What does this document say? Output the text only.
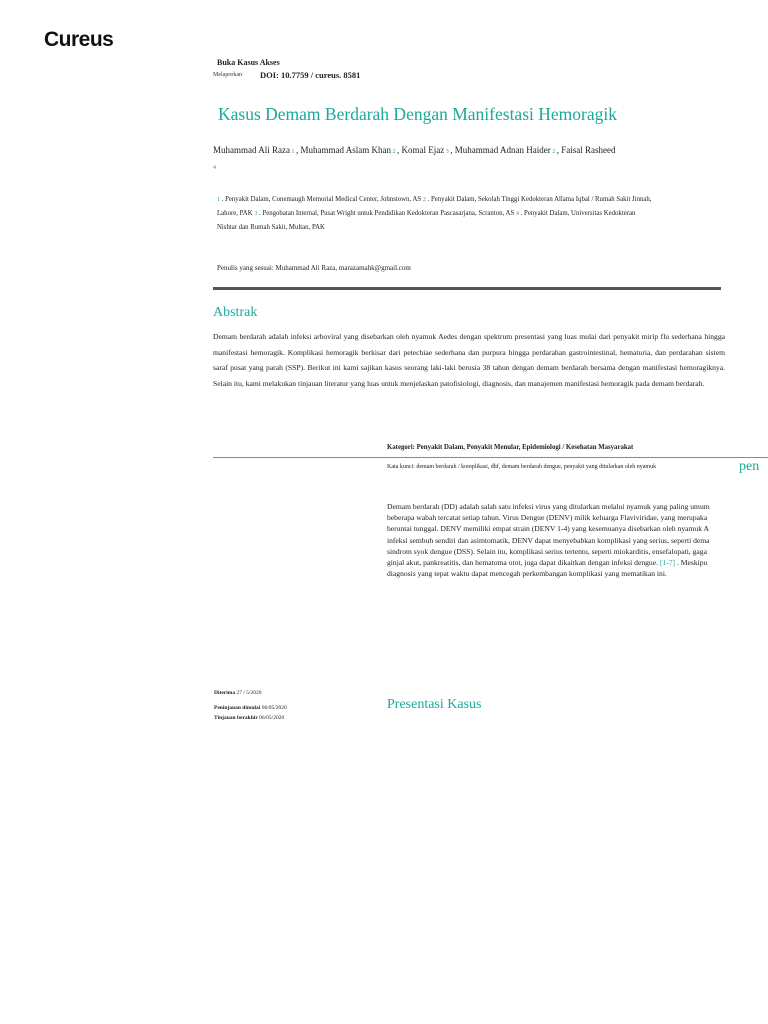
Cureus
Buka Kasus Akses
Melaporkan DOI: 10.7759 / cureus. 8581
Kasus Demam Berdarah Dengan Manifestasi Hemoragik
Muhammad Ali Raza 1 , Muhammad Aslam Khan 2 , Komal Ejaz 3 , Muhammad Adnan Haider 2 , Faisal Rasheed
4
1 . Penyakit Dalam, Conemaugh Memorial Medical Center, Johnstown, AS 2 . Penyakit Dalam, Sekolah Tinggi Kedokteran Allama Iqbal / Rumah Sakit Jinnah, Lahore, PAK 3 . Pengobatan Internal, Pusat Wright untuk Pendidikan Kedokteran Pascasarjana, Scranton, AS 4 . Penyakit Dalam, Universitas Kedokteran Nishtar dan Rumah Sakit, Multan, PAK
Penulis yang sesuai: Muhammad Ali Raza, marazamahk@gmail.com
Abstrak
Demam berdarah adalah infeksi arboviral yang disebarkan oleh nyamuk Aedes dengan spektrum presentasi yang luas mulai dari penyakit mirip flu sederhana hingga manifestasi hemoragik. Komplikasi hemoragik berkisar dari petechiae sederhana dan purpura hingga perdarahan gastrointestinal, hematuria, dan perdarahan sistem saraf pusat yang parah (SSP). Berikut ini kami sajikan kasus seorang laki-laki berusia 38 tahun dengan demam berdarah bersama dengan manifestasi hemoragiknya. Selain itu, kami melakukan tinjauan literatur yang luas untuk menjelaskan patofisiologi, diagnosis, dan manajemen manifestasi hemoragik pada demam berdarah.
Kategori: Penyakit Dalam, Penyakit Menular, Epidemiologi / Kesehatan Masyarakat
Kata kunci: demam berdarah / komplikasi, dhf, demam berdarah dengue, penyakit yang ditularkan oleh nyamuk	pen
Demam berdarah (DD) adalah salah satu infeksi virus yang ditularkan melalui nyamuk yang paling umum
beberapa wabah tercatat setiap tahun. Virus Dengue (DENV) milik keluarga Flaviviridae, yang merupaka
beruntai tunggal. DENV memiliki empat strain (DENV 1-4) yang kesemuanya disebarkan oleh nyamuk A
infeksi sembuh sendiri dan asimtomatik, DENV dapat menyebabkan komplikasi yang serius, seperti dema
sindrom syok dengue (DSS). Selain itu, komplikasi serius tertentu, seperti miokarditis, ensefalopati, gaga
ginjal akut, pankreatitis, dan hematoma otot, juga dapat dikaitkan dengan infeksi dengue. [1-7] . Meskipu
diagnosis yang tepat waktu dapat mencegah perkembangan komplikasi yang mematikan ini.
Diterima 27 / 5/2020
Peninjauan dimulai 06/05/2020
Tinjauan berakhir 06/05/2020
Presentasi Kasus
